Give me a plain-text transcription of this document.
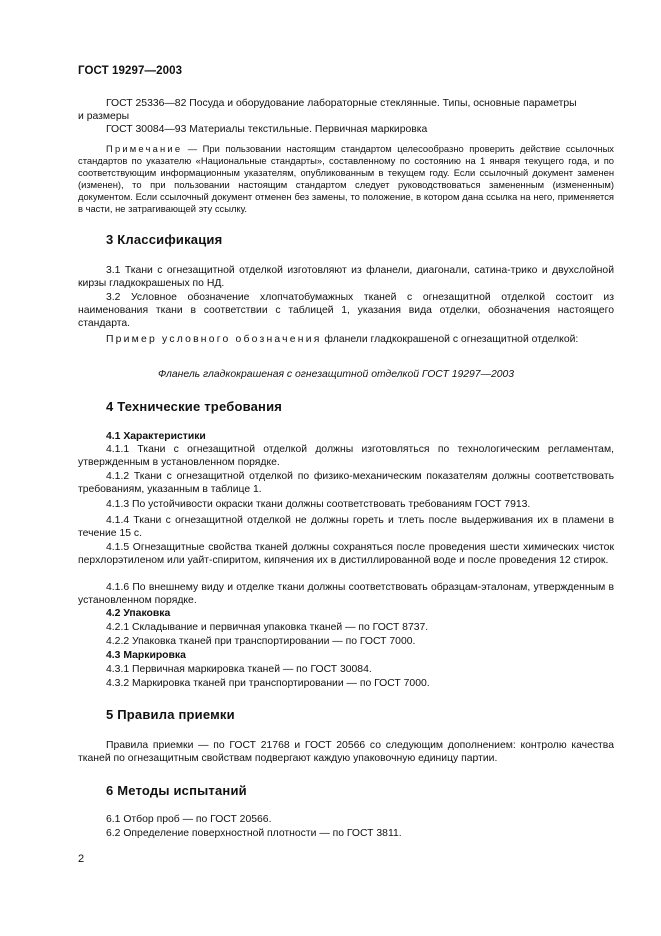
ГОСТ 19297—2003
ГОСТ 25336—82 Посуда и оборудование лабораторные стеклянные. Типы, основные параметры
и размеры
ГОСТ 30084—93 Материалы текстильные. Первичная маркировка
Примечание — При пользовании настоящим стандартом целесообразно проверить действие ссылочных стандартов по указателю «Национальные стандарты», составленному по состоянию на 1 января текущего года, и по соответствующим информационным указателям, опубликованным в текущем году. Если ссылочный документ заменен (изменен), то при пользовании настоящим стандартом следует руководствоваться замененным (измененным) документом. Если ссылочный документ отменен без замены, то положение, в котором дана ссылка на него, применяется в части, не затрагивающей эту ссылку.
3 Классификация
3.1 Ткани с огнезащитной отделкой изготовляют из фланели, диагонали, сатина-трико и двухслойной кирзы гладкокрашеных по НД.
3.2 Условное обозначение хлопчатобумажных тканей с огнезащитной отделкой состоит из наименования ткани в соответствии с таблицей 1, указания вида отделки, обозначения настоящего стандарта.
Пример условного обозначения фланели гладкокрашеной с огнезащитной отделкой:
Фланель гладкокрашеная с огнезащитной отделкой ГОСТ 19297—2003
4 Технические требования
4.1 Характеристики
4.1.1 Ткани с огнезащитной отделкой должны изготовляться по технологическим регламентам, утвержденным в установленном порядке.
4.1.2 Ткани с огнезащитной отделкой по физико-механическим показателям должны соответствовать требованиям, указанным в таблице 1.
4.1.3 По устойчивости окраски ткани должны соответствовать требованиям ГОСТ 7913.
4.1.4 Ткани с огнезащитной отделкой не должны гореть и тлеть после выдерживания их в пламени в течение 15 с.
4.1.5 Огнезащитные свойства тканей должны сохраняться после проведения шести химических чисток перхлорэтиленом или уайт-спиритом, кипячения их в дистиллированной воде и после проведения 12 стирок.
4.1.6 По внешнему виду и отделке ткани должны соответствовать образцам-эталонам, утвержденным в установленном порядке.
4.2 Упаковка
4.2.1 Складывание и первичная упаковка тканей — по ГОСТ 8737.
4.2.2 Упаковка тканей при транспортировании — по ГОСТ 7000.
4.3 Маркировка
4.3.1 Первичная маркировка тканей — по ГОСТ 30084.
4.3.2 Маркировка тканей при транспортировании — по ГОСТ 7000.
5 Правила приемки
Правила приемки — по ГОСТ 21768 и ГОСТ 20566 со следующим дополнением: контролю качества тканей по огнезащитным свойствам подвергают каждую упаковочную единицу партии.
6 Методы испытаний
6.1 Отбор проб — по ГОСТ 20566.
6.2 Определение поверхностной плотности — по ГОСТ 3811.
2
